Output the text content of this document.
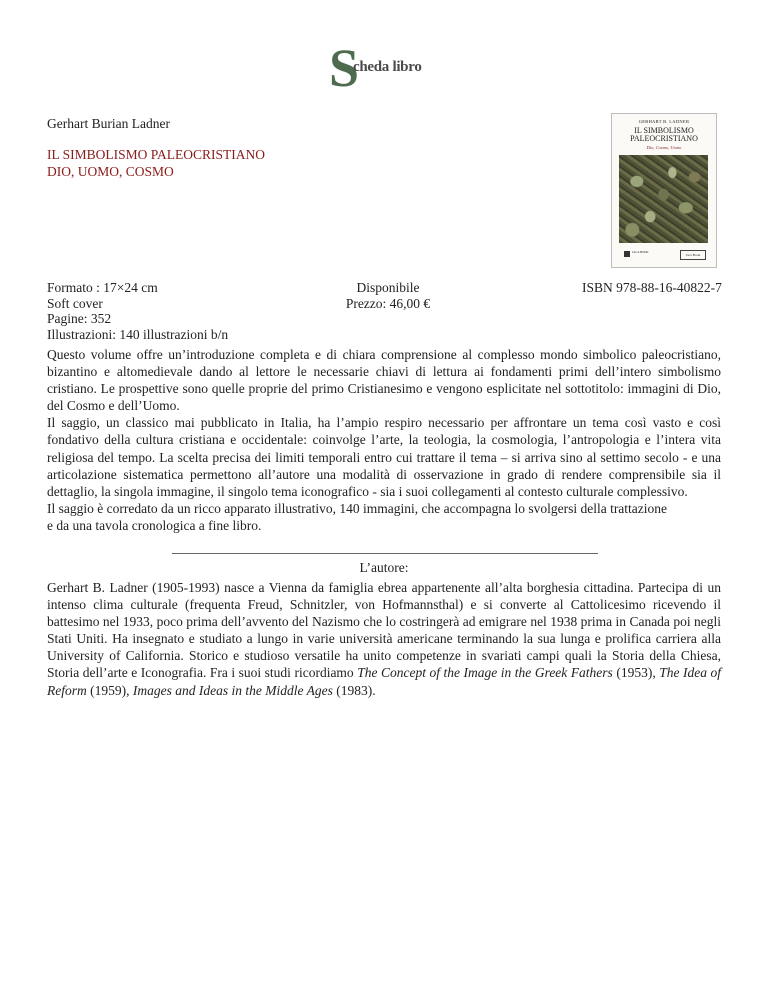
S
cheda libro
Gerhart Burian Ladner
IL SIMBOLISMO PALEOCRISTIANO
DIO, UOMO, COSMO
GERHART B. LADNER
IL SIMBOLISMO
PALEOCRISTIANO
Dio, Cosmo, Uomo
JACA BOOK
Jaca Book
Formato : 17×24 cm
Soft cover
Pagine: 352
Illustrazioni: 140 illustrazioni b/n
Disponibile
Prezzo: 46,00 €
ISBN 978-88-16-40822-7

Questo volume offre un’introduzione completa e di chiara comprensione al complesso mondo simbolico paleocristiano, bizantino e altomedievale dando al lettore le necessarie chiavi di lettura ai fondamenti primi dell’intero simbolismo cristiano. Le prospettive sono quelle proprie del primo Cristianesimo e vengono esplicitate nel sottotitolo: immagini di Dio, del Cosmo e dell’Uomo.

Il saggio, un classico mai pubblicato in Italia, ha l’ampio respiro necessario per affrontare un tema così vasto e così fondativo della cultura cristiana e occidentale: coinvolge l’arte, la teologia, la cosmologia, l’antropologia e l’intera vita religiosa del tempo. La scelta precisa dei limiti temporali entro cui trattare il tema – si arriva sino al settimo secolo - e una articolazione sistematica permettono all’autore una modalità di osservazione in grado di rendere comprensibile sia il dettaglio, la singola immagine, il singolo tema iconografico - sia i suoi collegamenti al contesto culturale complessivo.

Il saggio è corredato da un ricco apparato illustrativo, 140 immagini, che accompagna lo svolgersi della trattazione

e da una tavola cronologica a fine libro.

L’autore:

Gerhart B. Ladner (1905-1993) nasce a Vienna da famiglia ebrea appartenente all’alta borghesia cittadina. Partecipa di un intenso clima culturale (frequenta Freud, Schnitzler, von Hofmannsthal) e si converte al Cattolicesimo ricevendo il battesimo nel 1933, poco prima dell’avvento del Nazismo che lo costringerà ad emigrare nel 1938 prima in Canada poi negli Stati Uniti. Ha insegnato e studiato a lungo in varie università americane terminando la sua lunga e prolifica carriera alla University of California. Storico e studioso versatile ha unito competenze in svariati campi quali la Storia della Chiesa, Storia dell’arte e Iconografia. Fra i suoi studi ricordiamo The Concept of the Image in the Greek Fathers (1953), The Idea of Reform (1959), Images and Ideas in the Middle Ages (1983).
